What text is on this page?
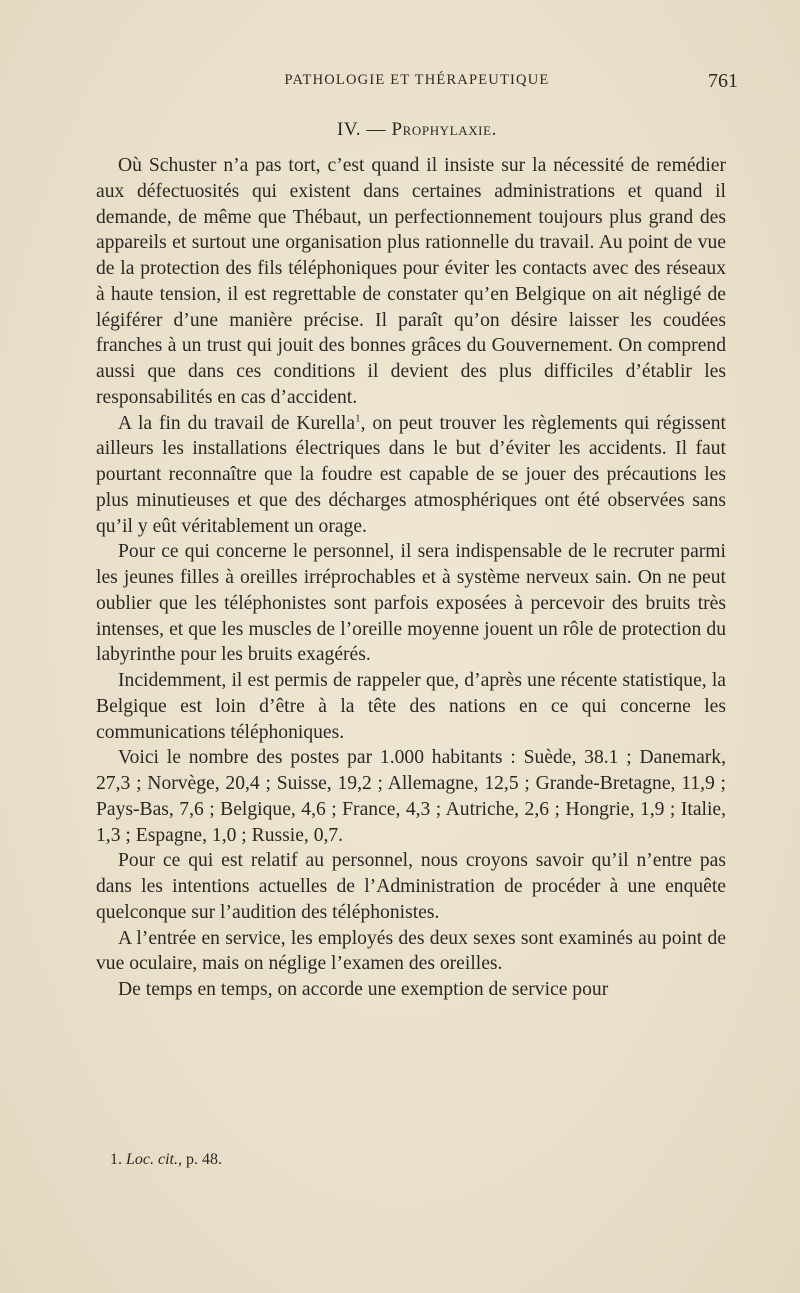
PATHOLOGIE ET THÉRAPEUTIQUE	761
IV. — Prophylaxie.

Où Schuster n’a pas tort, c’est quand il insiste sur la nécessité de remédier aux défectuosités qui existent dans certaines administrations et quand il demande, de même que Thébaut, un perfectionnement toujours plus grand des appareils et surtout une organisation plus rationnelle du travail. Au point de vue de la protection des fils téléphoniques pour éviter les contacts avec des réseaux à haute tension, il est regrettable de constater qu’en Belgique on ait négligé de légiférer d’une manière précise. Il paraît qu’on désire laisser les coudées franches à un trust qui jouit des bonnes grâces du Gouvernement. On comprend aussi que dans ces conditions il devient des plus difficiles d’établir les responsabilités en cas d’accident.

A la fin du travail de Kurella$^1$, on peut trouver les règlements qui régissent ailleurs les installations électriques dans le but d’éviter les accidents. Il faut pourtant reconnaître que la foudre est capable de se jouer des précautions les plus minutieuses et que des décharges atmosphériques ont été observées sans qu’il y eût véritablement un orage.

Pour ce qui concerne le personnel, il sera indispensable de le recruter parmi les jeunes filles à oreilles irréprochables et à système nerveux sain. On ne peut oublier que les téléphonistes sont parfois exposées à percevoir des bruits très intenses, et que les muscles de l’oreille moyenne jouent un rôle de protection du labyrinthe pour les bruits exagérés.

Incidemment, il est permis de rappeler que, d’après une récente statistique, la Belgique est loin d’être à la tête des nations en ce qui concerne les communications téléphoniques.

Voici le nombre des postes par 1.000 habitants : Suède, 38.1 ; Danemark, 27,3 ; Norvège, 20,4 ; Suisse, 19,2 ; Allemagne, 12,5 ; Grande-Bretagne, 11,9 ; Pays-Bas, 7,6 ; Belgique, 4,6 ; France, 4,3 ; Autriche, 2,6 ; Hongrie, 1,9 ; Italie, 1,3 ; Espagne, 1,0 ; Russie, 0,7.

Pour ce qui est relatif au personnel, nous croyons savoir qu’il n’entre pas dans les intentions actuelles de l’Administration de procéder à une enquête quelconque sur l’audition des téléphonistes.

A l’entrée en service, les employés des deux sexes sont examinés au point de vue oculaire, mais on néglige l’examen des oreilles.

De temps en temps, on accorde une exemption de service pour

1. Loc. cit., p. 48.
